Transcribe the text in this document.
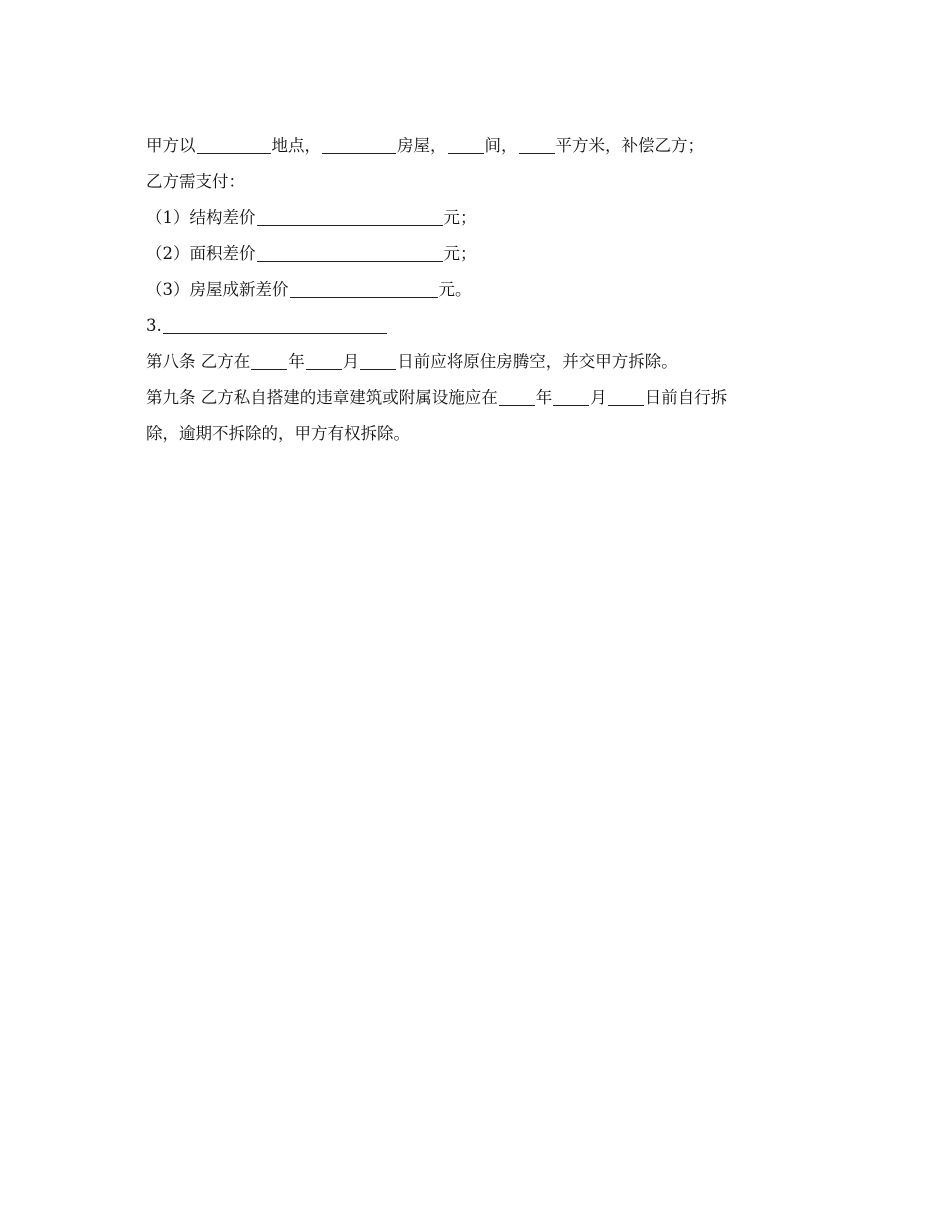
甲方以	地点，	房屋， 间， 平方米，补偿乙方；
乙方需支付：
（1）结构差价	元；
（2）面积差价	元；
（3）房屋成新差价	元。
3.
第八条 乙方在 年 月 日前应将原住房腾空，并交甲方拆除。
第九条 乙方私自搭建的违章建筑或附属设施应在 年 月 日前自行拆
除，逾期不拆除的，甲方有权拆除。
